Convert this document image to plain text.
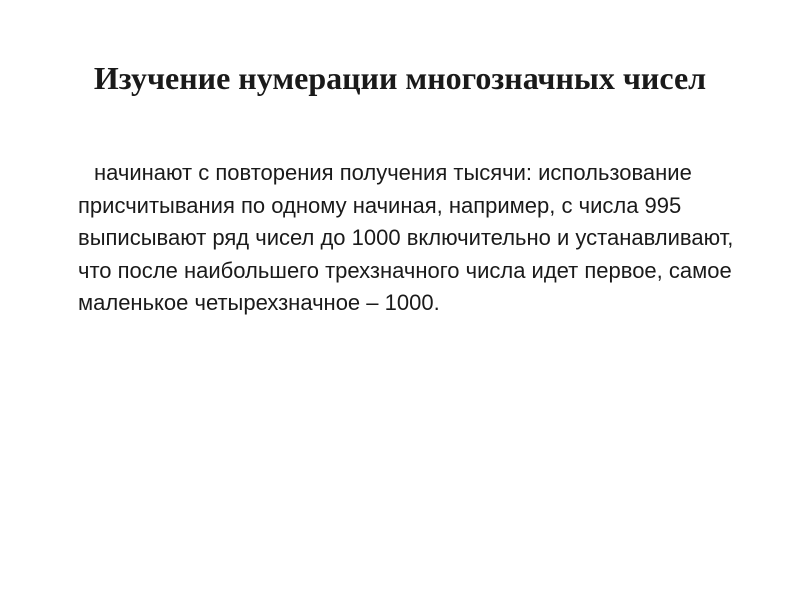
Изучение нумерации многозначных чисел

начинают с повторения получения тысячи: использование присчитывания по одному начиная, например, с числа 995 выписывают ряд чисел до 1000 включительно и устанавливают, что после наибольшего трехзначного числа идет первое, самое маленькое четырехзначное – 1000.
